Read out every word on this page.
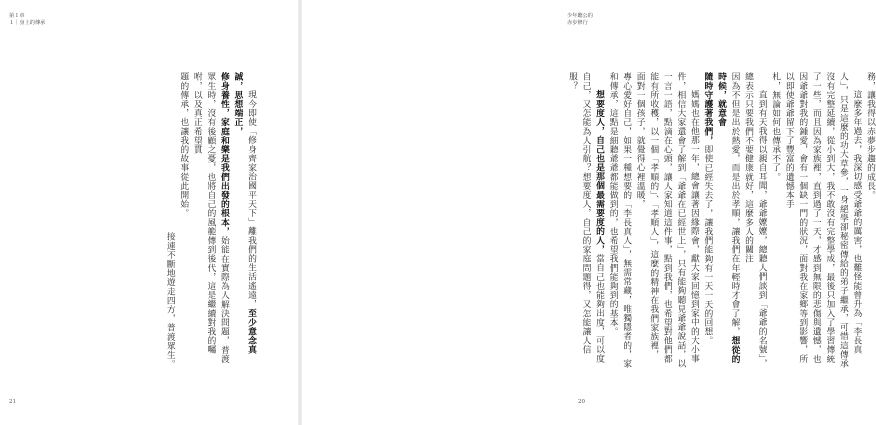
第１章
１｜身上的傳承

現今即使「修身齊家治國平天下」離我們的生活遙遠，至少意念真誠，思想端正，

修身養性，家庭和樂是我們出發的根本，始能在實際為人解決問題，普渡眾生時，沒有後顧之憂，也將自己的風範傳到後代，這是繼續對我的囑咐，以及真正希望貫

題的傳承，也讓我的故事從此開始。

接連不斷地遊走四方，普渡眾生。

21

務，讓我得以赤夢步趨的成長。

這麼多年過去，我深切感受爺爺的厲害，也難怪能曾升為「李長真人」，只是這麼的功大草參，一身絕學卻秘密傳給的弟子繼承，可惜這傳承沒有完整延續，從小到大，我不敢沒有完整學成，最後只加入了學習傳統了一些，而且因為家族裡，直到過了一天，才感到無限的悲傷與遺憾，也因爺爺對我的鍾愛，會有一個缺一門的狀況，面對我在家鄉等到影響，所以即使爺爺留下了豐富的遺憾本手

札，無論如何也傳承不了。

直到有天我得以親自耳聞，爺爺嬤嬤，總聽人們談到「爺爺的名號」，總表示只要我們不要健康就好，這麼多人的關注

因為不但是出於熱愛，而是出於孝順，讓我們在年輕時才會了解，想從的時候，就意會

隨時守護著我們，即使已經失去了，讓我們能夠有一天一天的回想。

媽媽也在他那一年，總會讓著因緣際會，獻大家回憶到家中的大小事件，相信大家還會了解到「爺爺在已經世上」，只有能夠聽見爺爺說話，以一言一語，點滴在心頭，讓人家知道這件事，點到我們，也希望對他們都能有所收穫，以一個「孝順的」、「孝順人」，這麼的精神在我們家族裡，面對一個孩子，就覺得心裡溫暖，

專心愛好自己，如果一種想要的「李長真人」，無需常藏，唯獨隱者的，家和傳承，這點是細聽爺爺都能做到的，也希望我們能夠到的基本。

想要度人，自己也是那個最需要度的人，當自己也能夠出度，可以度自己，又怎能為人引航？想要度人，自己的家庭問題得，又怎能讓人信服？

少年聽公的
赤步修行
20
